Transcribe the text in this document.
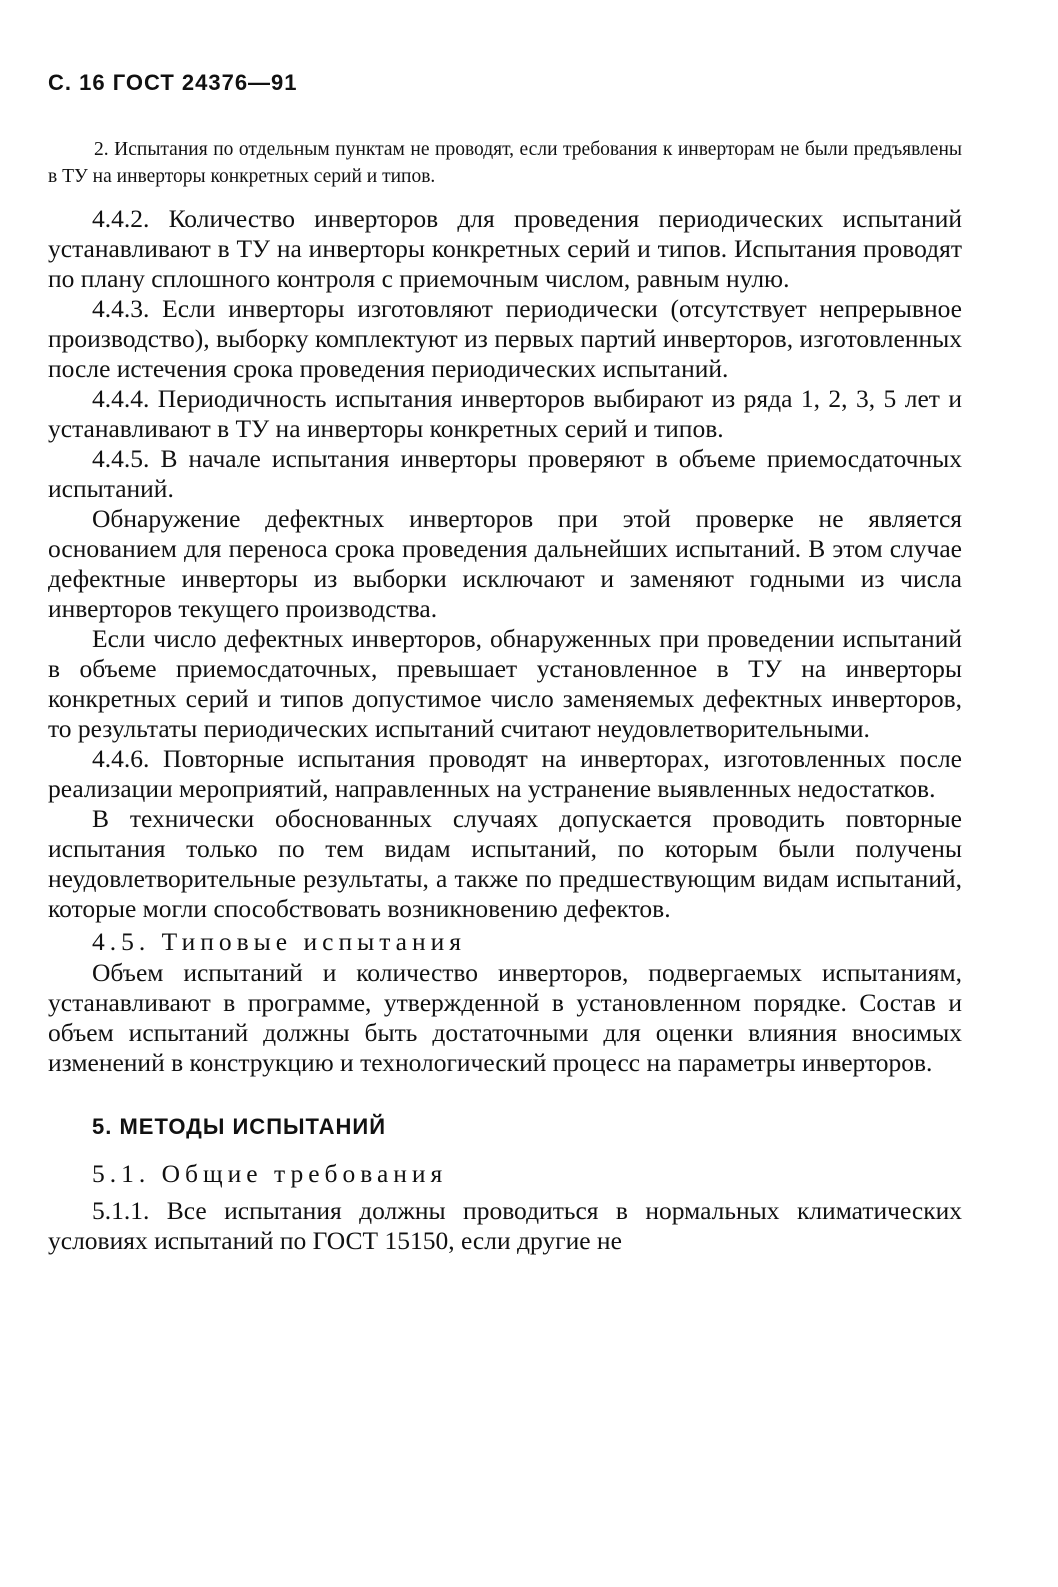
С. 16 ГОСТ 24376—91

2. Испытания по отдельным пунктам не проводят, если требования к инверторам не были предъявлены в ТУ на инверторы конкретных серий и типов.

4.4.2. Количество инверторов для проведения периодических испытаний устанавливают в ТУ на инверторы конкретных серий и типов. Испытания проводят по плану сплошного контроля с приемочным числом, равным нулю.

4.4.3. Если инверторы изготовляют периодически (отсутствует непрерывное производство), выборку комплектуют из первых партий инверторов, изготовленных после истечения срока проведения периодических испытаний.

4.4.4. Периодичность испытания инверторов выбирают из ряда 1, 2, 3, 5 лет и устанавливают в ТУ на инверторы конкретных серий и типов.

4.4.5. В начале испытания инверторы проверяют в объеме приемосдаточных испытаний.

Обнаружение дефектных инверторов при этой проверке не является основанием для переноса срока проведения дальнейших испытаний. В этом случае дефектные инверторы из выборки исключают и заменяют годными из числа инверторов текущего производства.

Если число дефектных инверторов, обнаруженных при проведении испытаний в объеме приемосдаточных, превышает установленное в ТУ на инверторы конкретных серий и типов допустимое число заменяемых дефектных инверторов, то результаты периодических испытаний считают неудовлетворительными.

4.4.6. Повторные испытания проводят на инверторах, изготовленных после реализации мероприятий, направленных на устранение выявленных недостатков.

В технически обоснованных случаях допускается проводить повторные испытания только по тем видам испытаний, по которым были получены неудовлетворительные результаты, а также по предшествующим видам испытаний, которые могли способствовать возникновению дефектов.

4.5. Типовые испытания

Объем испытаний и количество инверторов, подвергаемых испытаниям, устанавливают в программе, утвержденной в установленном порядке. Состав и объем испытаний должны быть достаточными для оценки влияния вносимых изменений в конструкцию и технологический процесс на параметры инверторов.

5. МЕТОДЫ ИСПЫТАНИЙ

5.1. Общие требования

5.1.1. Все испытания должны проводиться в нормальных климатических условиях испытаний по ГОСТ 15150, если другие не
